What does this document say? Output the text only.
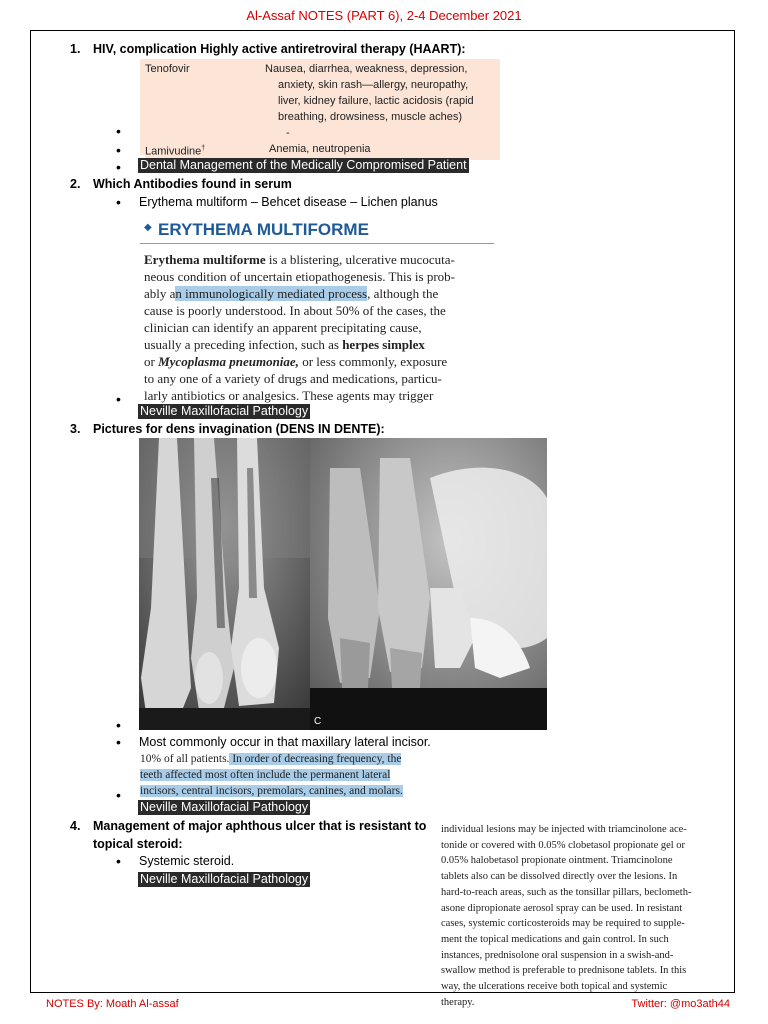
Al-Assaf NOTES (PART 6), 2-4 December 2021
NOTES By: Moath Al-assaf	Twitter: @mo3ath44
1. HIV, complication Highly active antiretroviral therapy (HAART):
Tenofovir	Nausea, diarrhea, weakness, depression,
anxiety, skin rash—allergy, neuropathy,
liver, kidney failure, lactic acidosis (rapid
breathing, drowsiness, muscle aches)
-
Lamivudine†	Anemia, neutropenia
•
•
• Dental Management of the Medically Compromised Patient
2. Which Antibodies found in serum
• Erythema multiform – Behcet disease – Lichen planus
◆ ERYTHEMA MULTIFORME
Erythema multiforme is a blistering, ulcerative mucocuta-
neous condition of uncertain etiopathogenesis. This is prob-
ably an immunologically mediated process, although the
cause is poorly understood. In about 50% of the cases, the
clinician can identify an apparent precipitating cause,
usually a preceding infection, such as herpes simplex
or Mycoplasma pneumoniae, or less commonly, exposure
to any one of a variety of drugs and medications, particu-
larly antibiotics or analgesics. These agents may trigger
•
Neville Maxillofacial Pathology
3. Pictures for dens invagination (DENS IN DENTE):
C
•
• Most commonly occur in that maxillary lateral incisor.
10% of all patients. In order of decreasing frequency, the
teeth affected most often include the permanent lateral
incisors, central incisors, premolars, canines, and molars.
•
Neville Maxillofacial Pathology
4. Management of major aphthous ulcer that is resistant to
topical steroid:
• Systemic steroid.
Neville Maxillofacial Pathology
individual lesions may be injected with triamcinolone ace-
tonide or covered with 0.05% clobetasol propionate gel or
0.05% halobetasol propionate ointment. Triamcinolone
tablets also can be dissolved directly over the lesions. In
hard-to-reach areas, such as the tonsillar pillars, beclometh-
asone dipropionate aerosol spray can be used. In resistant
cases, systemic corticosteroids may be required to supple-
ment the topical medications and gain control. In such
instances, prednisolone oral suspension in a swish-and-
swallow method is preferable to prednisone tablets. In this
way, the ulcerations receive both topical and systemic
therapy.
